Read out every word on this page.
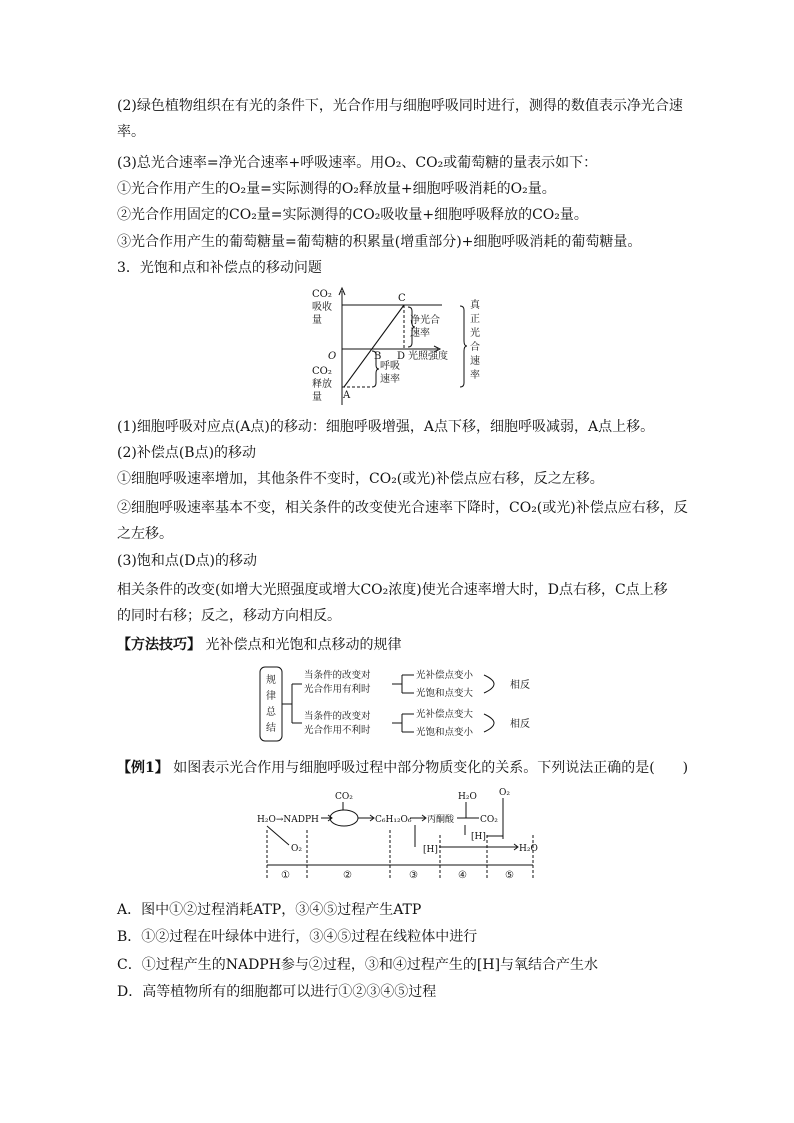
(2)绿色植物组织在有光的条件下，光合作用与细胞呼吸同时进行，测得的数值表示净光合速
率。
(3)总光合速率=净光合速率+呼吸速率。用O₂、CO₂或葡萄糖的量表示如下：
①光合作用产生的O₂量=实际测得的O₂释放量+细胞呼吸消耗的O₂量。
②光合作用固定的CO₂量=实际测得的CO₂吸收量+细胞呼吸释放的CO₂量。
③光合作用产生的葡萄糖量=葡萄糖的积累量(增重部分)+细胞呼吸消耗的葡萄糖量。
3．光饱和点和补偿点的移动问题
CO₂
吸收
量
CO₂
释放
量
C
O	B D 光照强度
A
净光合
速率
呼吸
速率
真
正
光
合
速
率
(1)细胞呼吸对应点(A点)的移动：细胞呼吸增强，A点下移，细胞呼吸减弱，A点上移。
(2)补偿点(B点)的移动
①细胞呼吸速率增加，其他条件不变时，CO₂(或光)补偿点应右移，反之左移。
②细胞呼吸速率基本不变，相关条件的改变使光合速率下降时，CO₂(或光)补偿点应右移，反
之左移。
(3)饱和点(D点)的移动
相关条件的改变(如增大光照强度或增大CO₂浓度)使光合速率增大时，D点右移，C点上移
的同时右移；反之，移动方向相反。
【方法技巧】 光补偿点和光饱和点移动的规律
规
律
总
结
当条件的改变对
光合作用有利时
当条件的改变对
光合作用不利时
光补偿点变小
光饱和点变大
光补偿点变大
光饱和点变小
相反
相反
【例1】 如图表示光合作用与细胞呼吸过程中部分物质变化的关系。下列说法正确的是(　　)
H₂O→NADPH
CO₂
C₆H₁₂O₆ 丙酮酸
H₂O
CO₂
O₂
[H]
[H]	H₂O
O₂
①	②	③	④	⑤
A．图中①②过程消耗ATP，③④⑤过程产生ATP
B．①②过程在叶绿体中进行，③④⑤过程在线粒体中进行
C．①过程产生的NADPH参与②过程，③和④过程产生的[H]与氧结合产生水
D．高等植物所有的细胞都可以进行①②③④⑤过程
